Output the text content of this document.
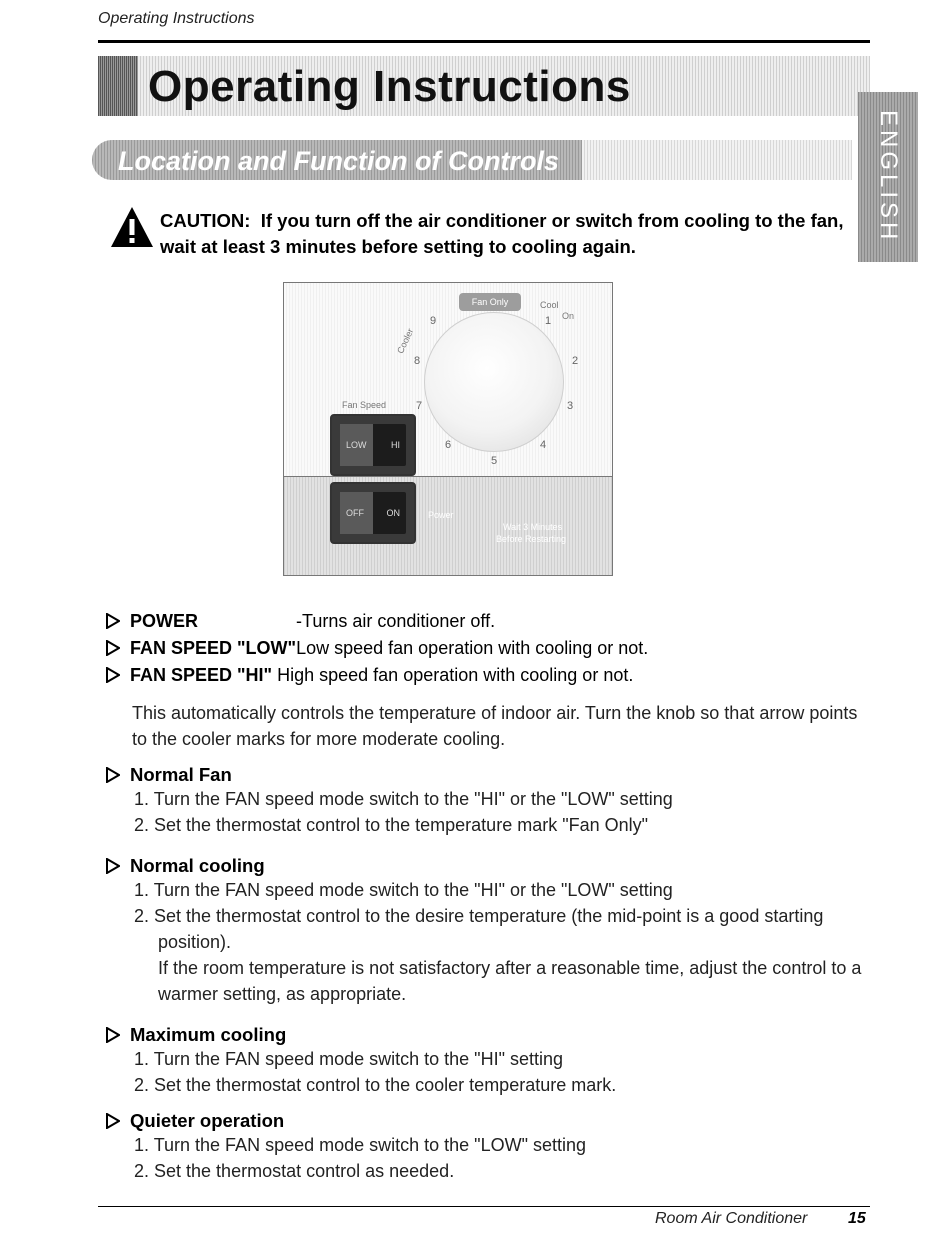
Operating Instructions
Operating Instructions
Location and Function of Controls	ENGLISH
CAUTION: If you turn off the air conditioner or switch from cooling to the fan, wait at least 3 minutes before setting to cooling again.
Fan Only	Cool
On
Cooler
1
2
3
4
5
6
7
8
9
Fan Speed
LOW	HI
OFF	ON	Power
Wait 3 Minutes
Before Restarting
POWER	-Turns air conditioner off.
FAN SPEED "LOW"Low speed fan operation with cooling or not.
FAN SPEED "HI" High speed fan operation with cooling or not.
This automatically controls the temperature of indoor air. Turn the knob so that arrow points to the cooler marks for more moderate cooling.
Normal Fan
1. Turn the FAN speed mode switch to the "HI" or the "LOW" setting
2. Set the thermostat control to the temperature mark "Fan Only"
Normal cooling
1. Turn the FAN speed mode switch to the "HI" or the "LOW" setting
2. Set the thermostat control to the desire temperature (the mid-point is a good starting position).
If the room temperature is not satisfactory after a reasonable time, adjust the control to a warmer setting, as appropriate.
Maximum cooling
1. Turn the FAN speed mode switch to the "HI" setting
2. Set the thermostat control to the cooler temperature mark.
Quieter operation
1. Turn the FAN speed mode switch to the "LOW" setting
2. Set the thermostat control as needed.
Room Air Conditioner	15
